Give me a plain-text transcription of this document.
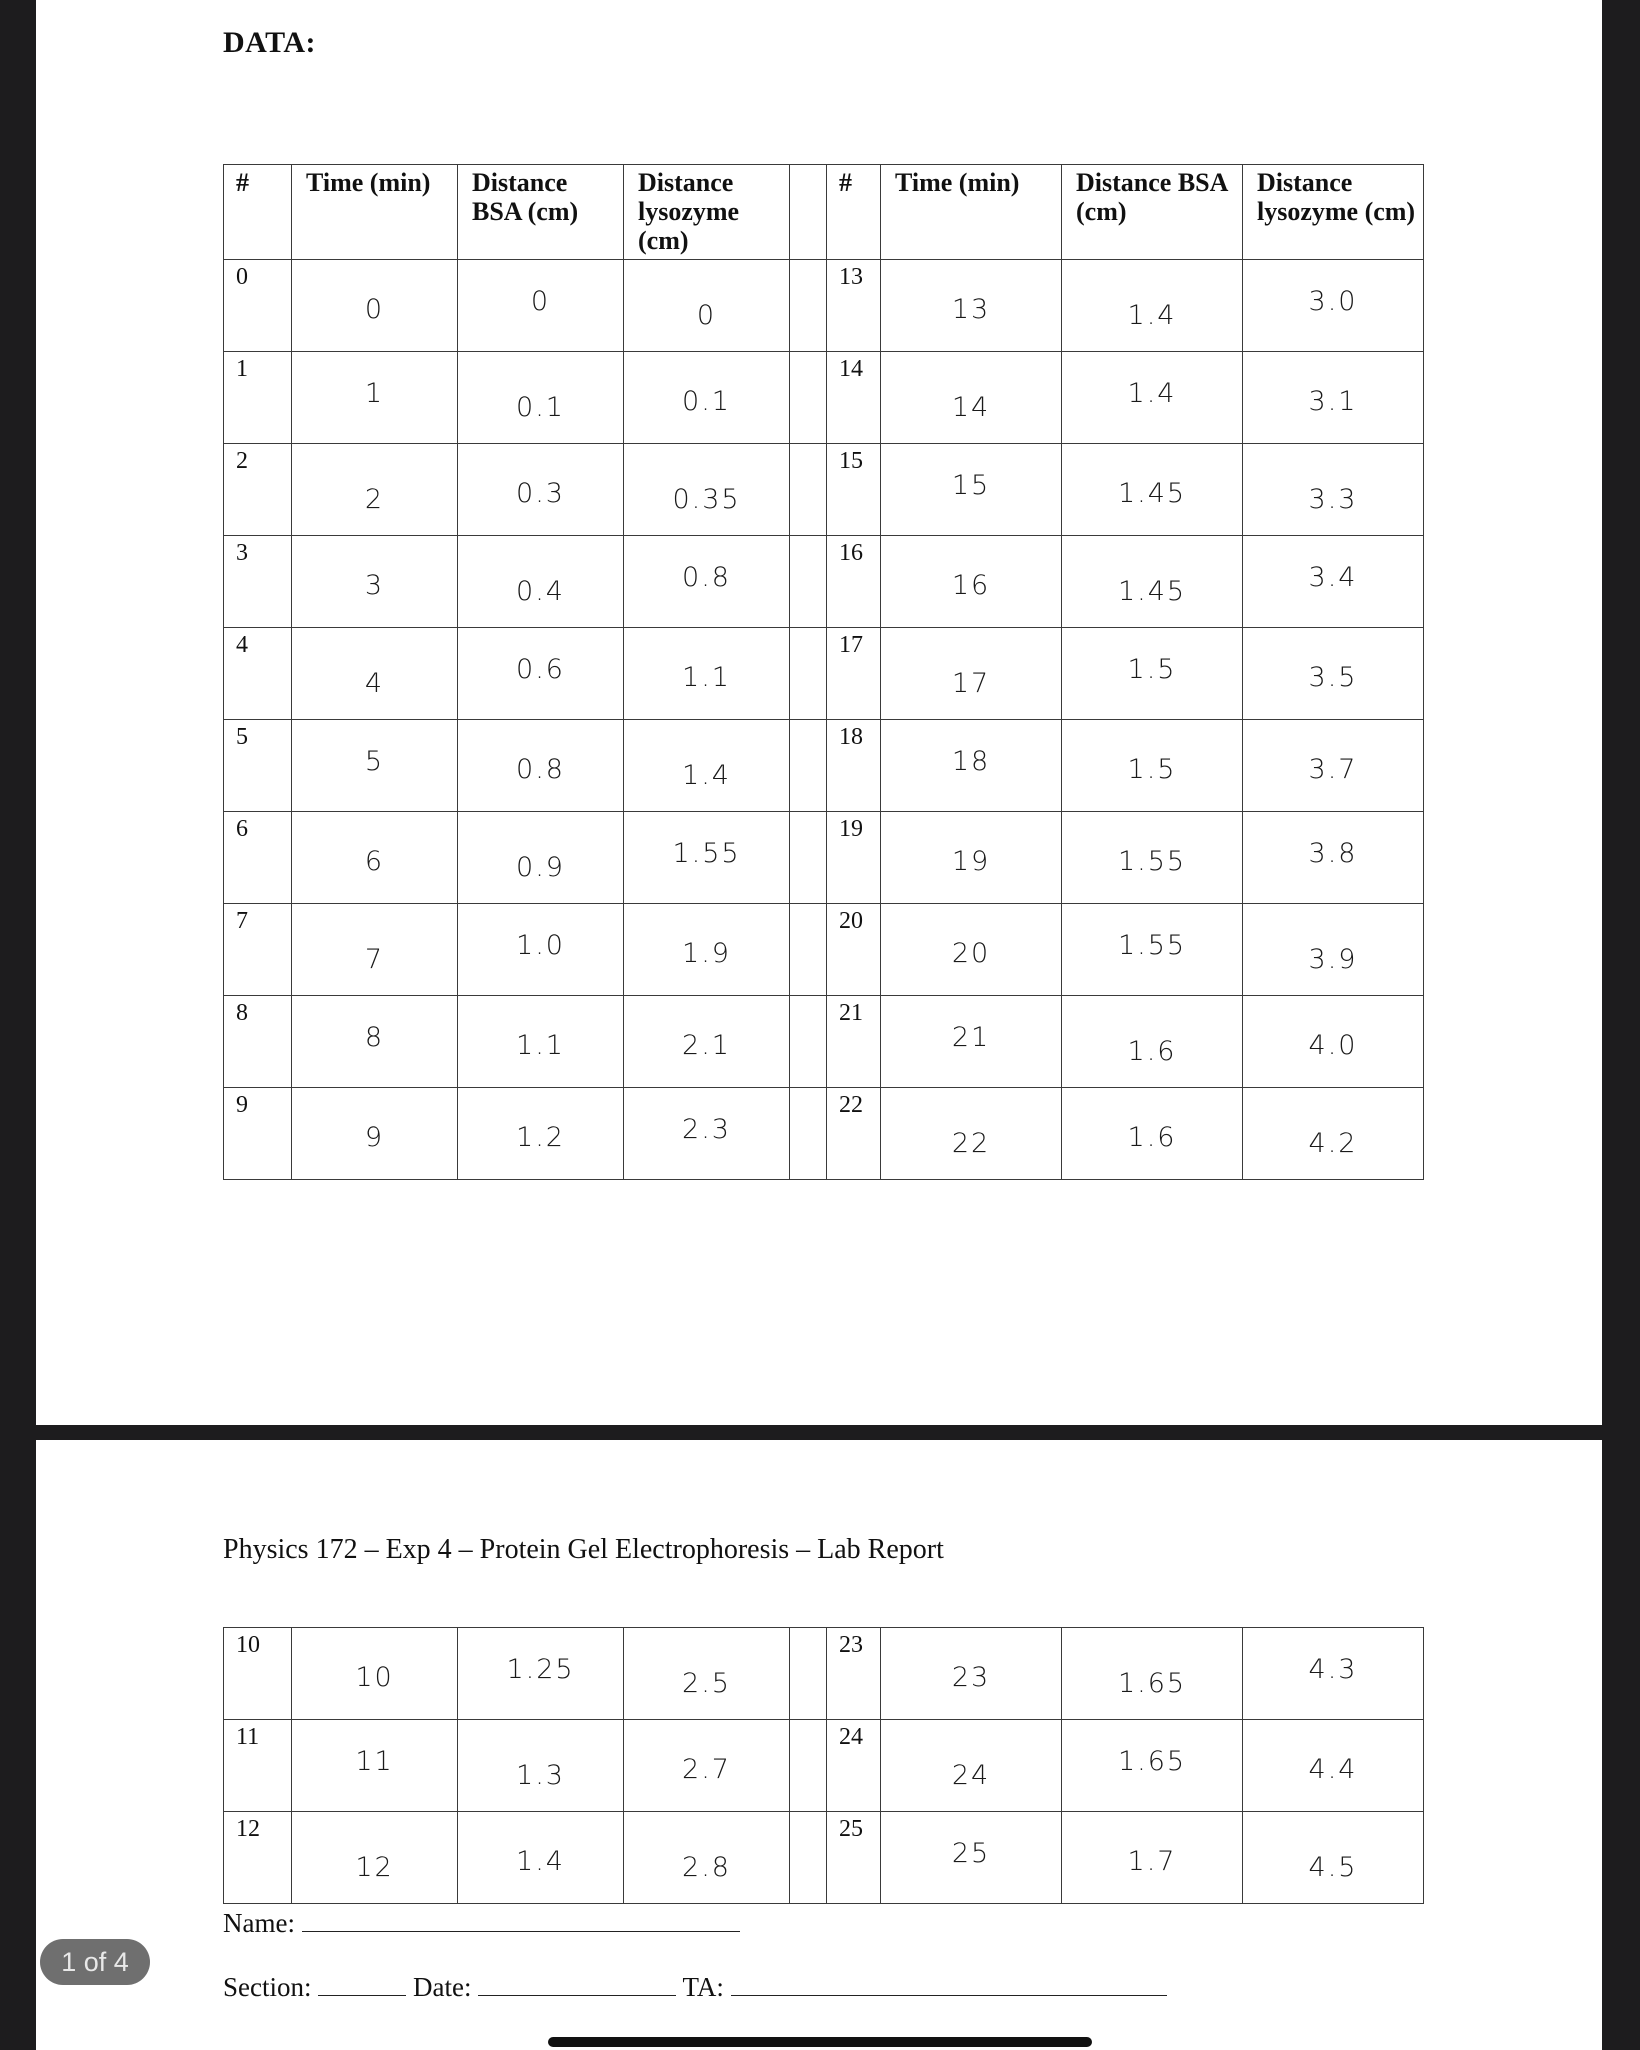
DATA:
#	Time (min)	Distance BSA (cm)	Distance lysozyme (cm)		#	Time (min)	Distance BSA (cm)	Distance lysozyme (cm)

0	0	0	0		13	13	1.4	3.0

1	1	0.1	0.1		14	14	1.4	3.1

2	2	0.3	0.35		15	15	1.45	3.3

3	3	0.4	0.8		16	16	1.45	3.4

4	4	0.6	1.1		17	17	1.5	3.5

5	5	0.8	1.4		18	18	1.5	3.7

6	6	0.9	1.55		19	19	1.55	3.8

7	7	1.0	1.9		20	20	1.55	3.9

8	8	1.1	2.1		21	21	1.6	4.0

9	9	1.2	2.3		22	22	1.6	4.2
Physics 172 – Exp 4 – Protein Gel Electrophoresis – Lab Report
10	10	1.25	2.5		23	23	1.65	4.3

11	11	1.3	2.7		24	24	1.65	4.4

12	12	1.4	2.8		25	25	1.7	4.5
Name:
Section:	Date:	TA:
1 of 4
